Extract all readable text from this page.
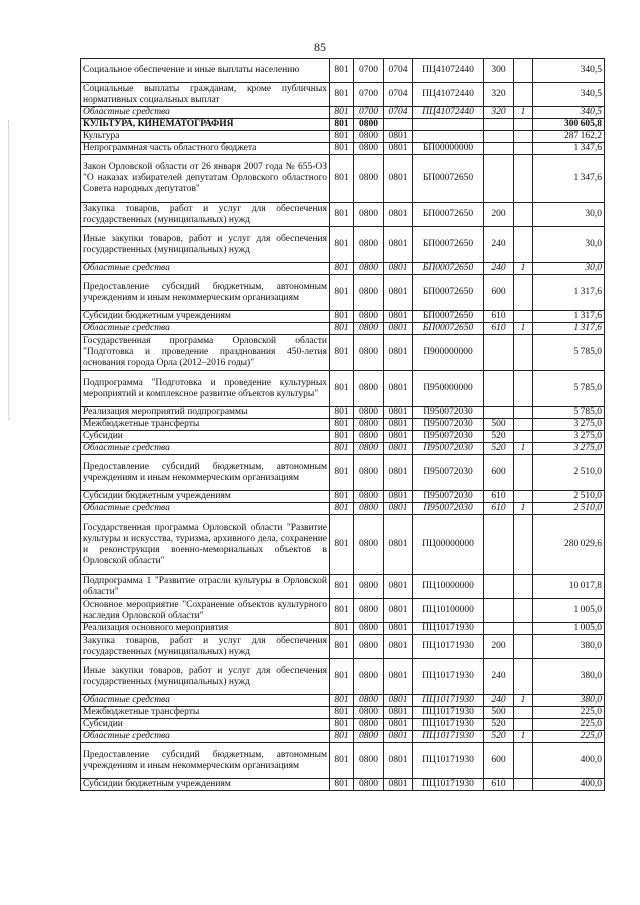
85
Социальное обеспечение и иные выплаты населению	801	0700	0704	ПЦ41072440	300		340,5
Социальные выплаты гражданам, кроме публичных нормативных социальных выплат	801	0700	0704	ПЦ41072440	320		340,5
Областные средства	801	0700	0704	ПЦ41072440	320	1	340,5
КУЛЬТУРА, КИНЕМАТОГРАФИЯ	801	0800					300 605,8
Культура	801	0800	0801				287 162,2
Непрограммная часть областного бюджета	801	0800	0801	БП00000000			1 347,6
Закон Орловской области от 26 января 2007 года № 655-ОЗ "О наказах избирателей депутатам Орловского областного Совета народных депутатов"	801	0800	0801	БП00072650			1 347,6
Закупка товаров, работ и услуг для обеспечения государственных (муниципальных) нужд	801	0800	0801	БП00072650	200		30,0
Иные закупки товаров, работ и услуг для обеспечения государственных (муниципальных) нужд	801	0800	0801	БП00072650	240		30,0
Областные средства	801	0800	0801	БП00072650	240	1	30,0
Предоставление субсидий бюджетным, автономным учреждениям и иным некоммерческим организациям	801	0800	0801	БП00072650	600		1 317,6
Субсидии бюджетным учреждениям	801	0800	0801	БП00072650	610		1 317,6
Областные средства	801	0800	0801	БП00072650	610	1	1 317,6
Государственная программа Орловской области "Подготовка и проведение празднования 450-летия основания города Орла (2012–2016 годы)"	801	0800	0801	П900000000			5 785,0
Подпрограмма "Подготовка и проведение культурных мероприятий и комплексное развитие объектов культуры"	801	0800	0801	П950000000			5 785,0
Реализация мероприятий подпрограммы	801	0800	0801	П950072030			5 785,0
Межбюджетные трансферты	801	0800	0801	П950072030	500		3 275,0
Субсидии	801	0800	0801	П950072030	520		3 275,0
Областные средства	801	0800	0801	П950072030	520	1	3 275,0
Предоставление субсидий бюджетным, автономным учреждениям и иным некоммерческим организациям	801	0800	0801	П950072030	600		2 510,0
Субсидии бюджетным учреждениям	801	0800	0801	П950072030	610		2 510,0
Областные средства	801	0800	0801	П950072030	610	1	2 510,0
Государственная программа Орловской области "Развитие культуры и искусства, туризма, архивного дела, сохранение и реконструкция военно-мемориальных объектов в Орловской области"	801	0800	0801	ПЦ00000000			280 029,6
Подпрограмма 1 "Развитие отрасли культуры в Орловской области"	801	0800	0801	ПЦ10000000			10 017,8
Основное мероприятие "Сохранение объектов культурного наследия Орловской области"	801	0800	0801	ПЦ10100000			1 005,0
Реализация основного мероприятия	801	0800	0801	ПЦ10171930			1 005,0
Закупка товаров, работ и услуг для обеспечения государственных (муниципальных) нужд	801	0800	0801	ПЦ10171930	200		380,0
Иные закупки товаров, работ и услуг для обеспечения государственных (муниципальных) нужд	801	0800	0801	ПЦ10171930	240		380,0
Областные средства	801	0800	0801	ПЦ10171930	240	1	380,0
Межбюджетные трансферты	801	0800	0801	ПЦ10171930	500		225,0
Субсидии	801	0800	0801	ПЦ10171930	520		225,0
Областные средства	801	0800	0801	ПЦ10171930	520	1	225,0
Предоставление субсидий бюджетным, автономным учреждениям и иным некоммерческим организациям	801	0800	0801	ПЦ10171930	600		400,0
Субсидии бюджетным учреждениям	801	0800	0801	ПЦ10171930	610		400,0
